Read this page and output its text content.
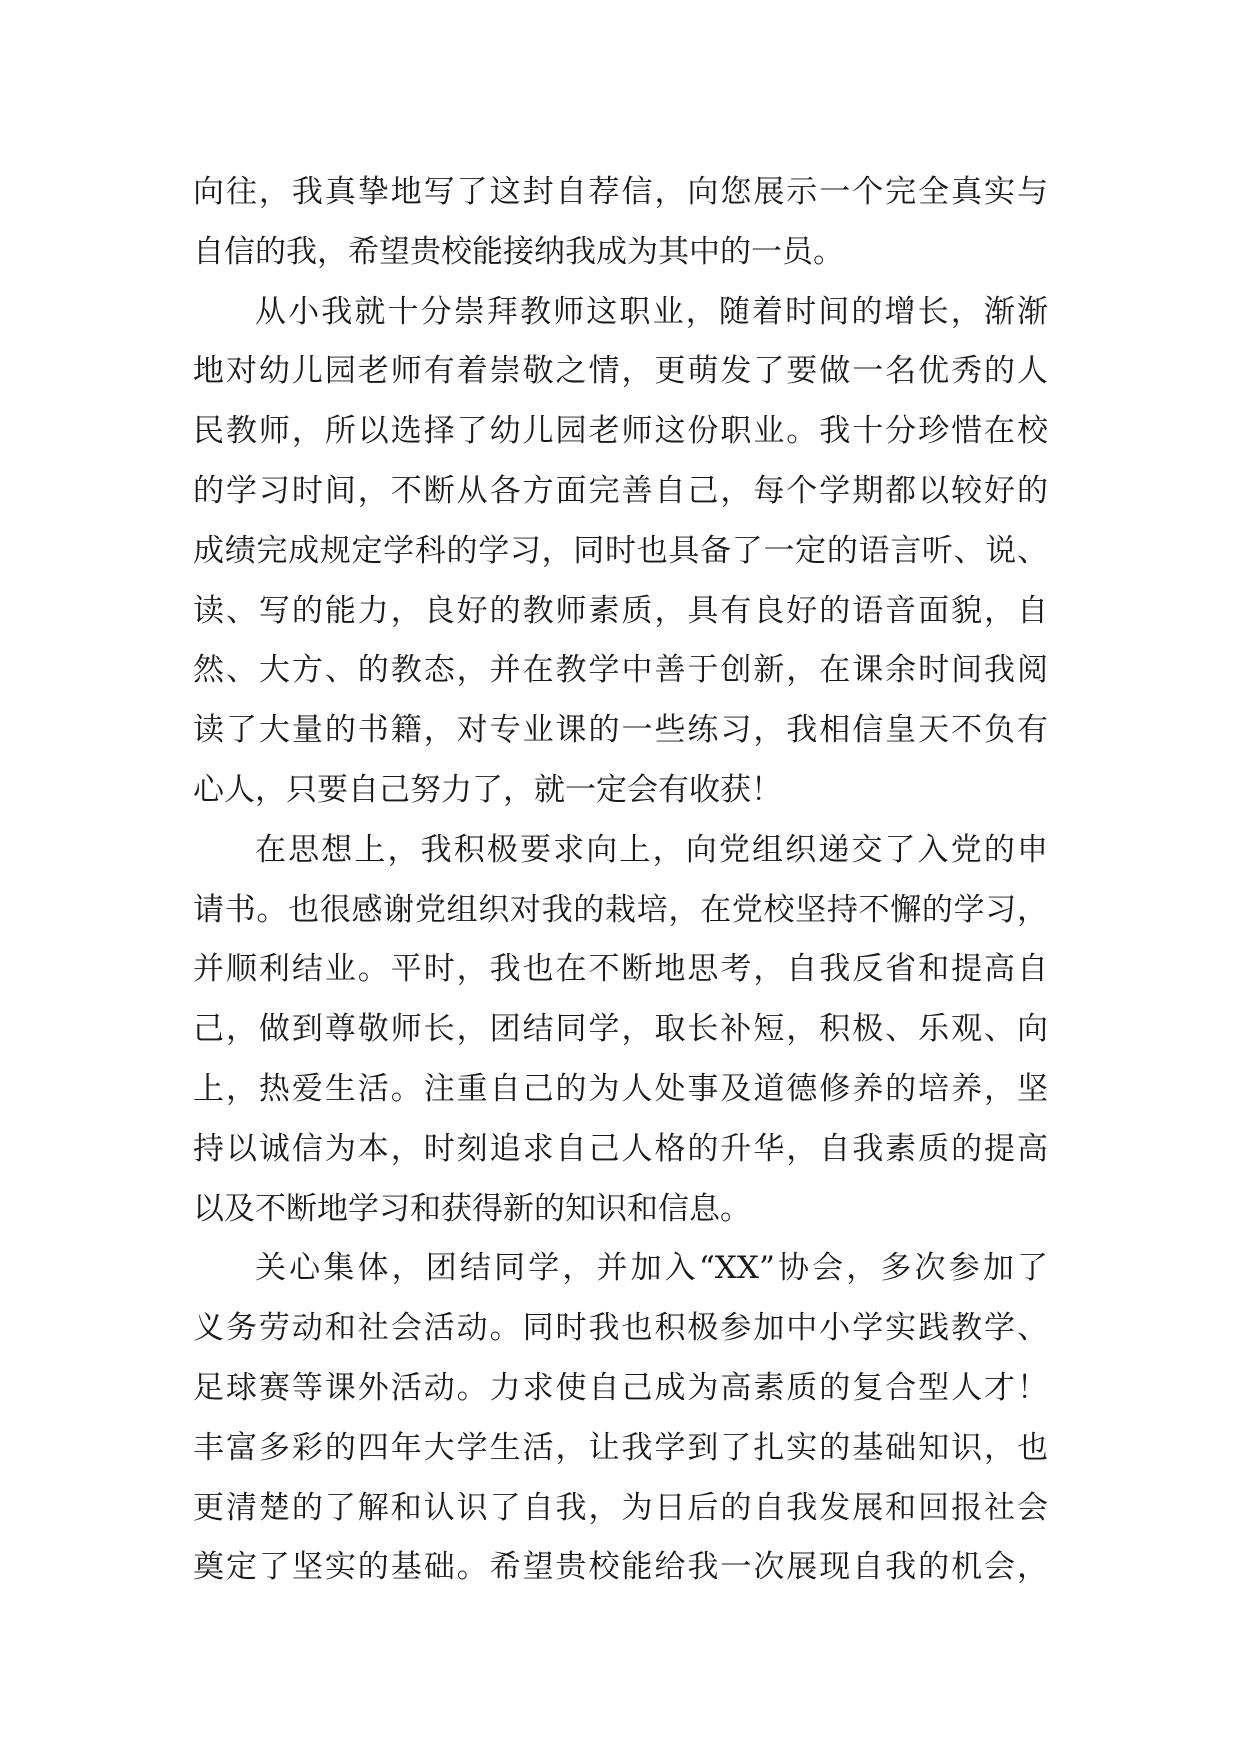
向往，我真挚地写了这封自荐信，向您展示一个完全真实与
自信的我，希望贵校能接纳我成为其中的一员。
从小我就十分崇拜教师这职业，随着时间的增长，渐渐
地对幼儿园老师有着崇敬之情，更萌发了要做一名优秀的人
民教师，所以选择了幼儿园老师这份职业。我十分珍惜在校
的学习时间，不断从各方面完善自己，每个学期都以较好的
成绩完成规定学科的学习，同时也具备了一定的语言听、说、
读、写的能力，良好的教师素质，具有良好的语音面貌，自
然、大方、的教态，并在教学中善于创新，在课余时间我阅
读了大量的书籍，对专业课的一些练习，我相信皇天不负有
心人，只要自己努力了，就一定会有收获！
在思想上，我积极要求向上，向党组织递交了入党的申
请书。也很感谢党组织对我的栽培，在党校坚持不懈的学习，
并顺利结业。平时，我也在不断地思考，自我反省和提高自
己，做到尊敬师长，团结同学，取长补短，积极、乐观、向
上，热爱生活。注重自己的为人处事及道德修养的培养，坚
持以诚信为本，时刻追求自己人格的升华，自我素质的提高
以及不断地学习和获得新的知识和信息。
关心集体，团结同学，并加入“XX”协会，多次参加了
义务劳动和社会活动。同时我也积极参加中小学实践教学、
足球赛等课外活动。力求使自己成为高素质的复合型人才！
丰富多彩的四年大学生活，让我学到了扎实的基础知识，也
更清楚的了解和认识了自我，为日后的自我发展和回报社会
奠定了坚实的基础。希望贵校能给我一次展现自我的机会，
